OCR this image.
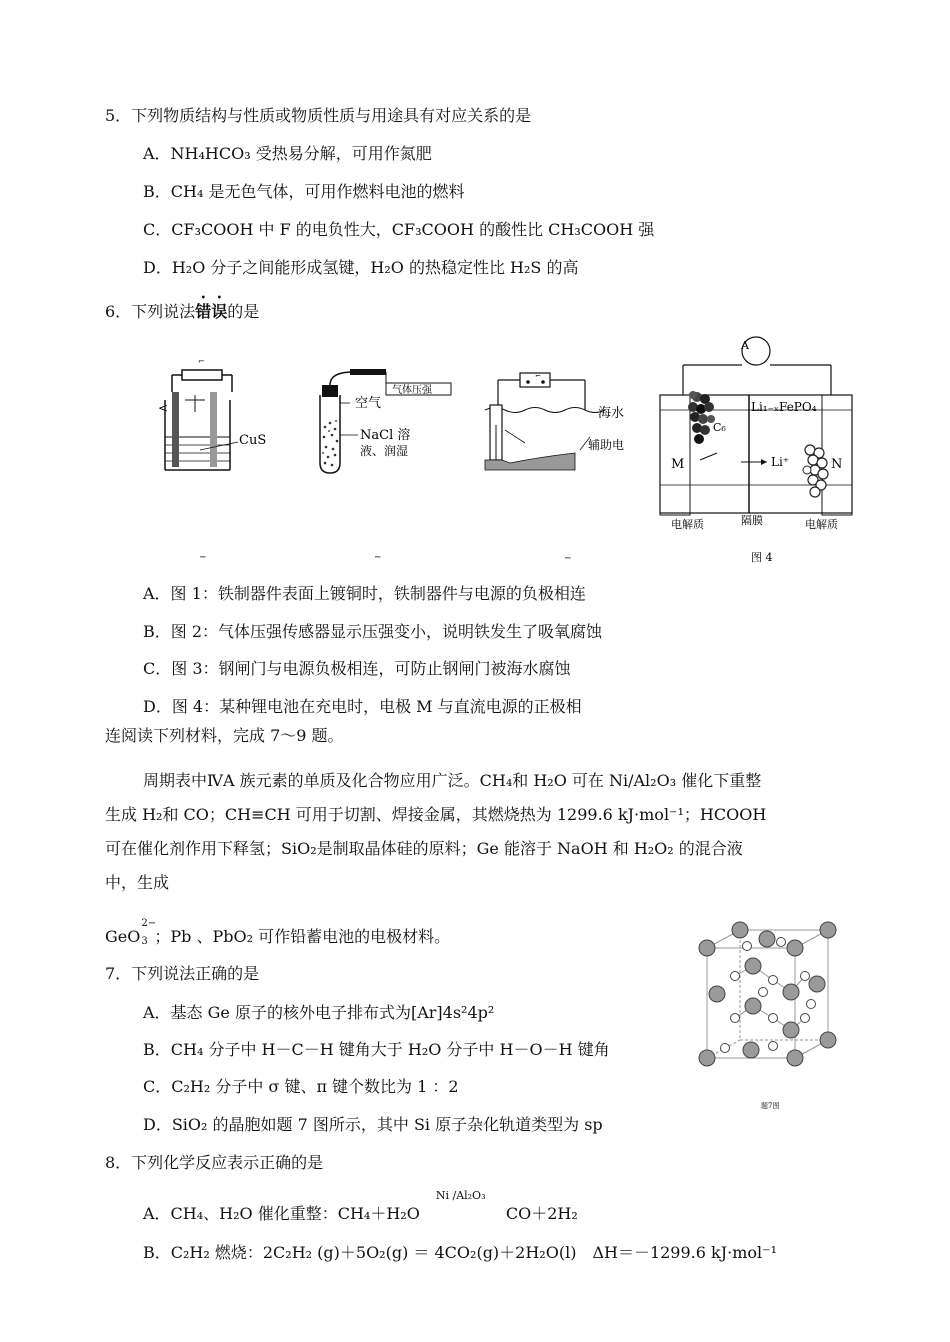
5．下列物质结构与性质或物质性质与用途具有对应关系的是
A．NH₄HCO₃ 受热易分解，可用作氮肥
B．CH₄ 是无色气体，可用作燃料电池的燃料
C．CF₃COOH 中 F 的电负性大，CF₃COOH 的酸性比 CH₃COOH 强
D．H₂O 分子之间能形成氢键，H₂O 的热稳定性比 H₂S 的高
6．下列说法错误的是
⌐
<
CuS
─
气体压强
空气
NaCl 溶
液、润湿
─
⌐
海水
辅助电
─
A
C₆
Li₁₋ₓFePO₄
M	Li⁺	N
电解质	隔膜	电解质
图 4
A．图 1：铁制器件表面上镀铜时，铁制器件与电源的负极相连
B．图 2：气体压强传感器显示压强变小，说明铁发生了吸氧腐蚀
C．图 3：钢闸门与电源负极相连，可防止钢闸门被海水腐蚀
D．图 4：某种锂电池在充电时，电极 M 与直流电源的正极相
连阅读下列材料，完成 7～9 题。
周期表中ⅣA 族元素的单质及化合物应用广泛。CH₄和 H₂O 可在 Ni/Al₂O₃ 催化下重整
生成 H₂和 CO；CH≡CH 可用于切割、焊接金属，其燃烧热为 1299.6 kJ·mol⁻¹；HCOOH
可在催化剂作用下释氢；SiO₂是制取晶体硅的原料；Ge 能溶于 NaOH 和 H₂O₂ 的混合液
中，生成
GeO
2−
3 ；Pb 、PbO₂ 可作铅蓄电池的电极材料。
7．下列说法正确的是
A．基态 Ge 原子的核外电子排布式为[Ar]4s²4p²
B．CH₄ 分子中 H－C－H 键角大于 H₂O 分子中 H－O－H 键角
C．C₂H₂ 分子中 σ 键、π 键个数比为 1 ：2
D．SiO₂ 的晶胞如题 7 图所示，其中 Si 原子杂化轨道类型为 sp
题7图
8．下列化学反应表示正确的是
A．CH₄、H₂O 催化重整：CH₄＋H₂O
Ni /Al₂O₃
CO＋2H₂
B．C₂H₂ 燃烧：2C₂H₂ (g)＋5O₂(g) ＝ 4CO₂(g)＋2H₂O(l)　ΔH＝－1299.6 kJ·mol⁻¹
